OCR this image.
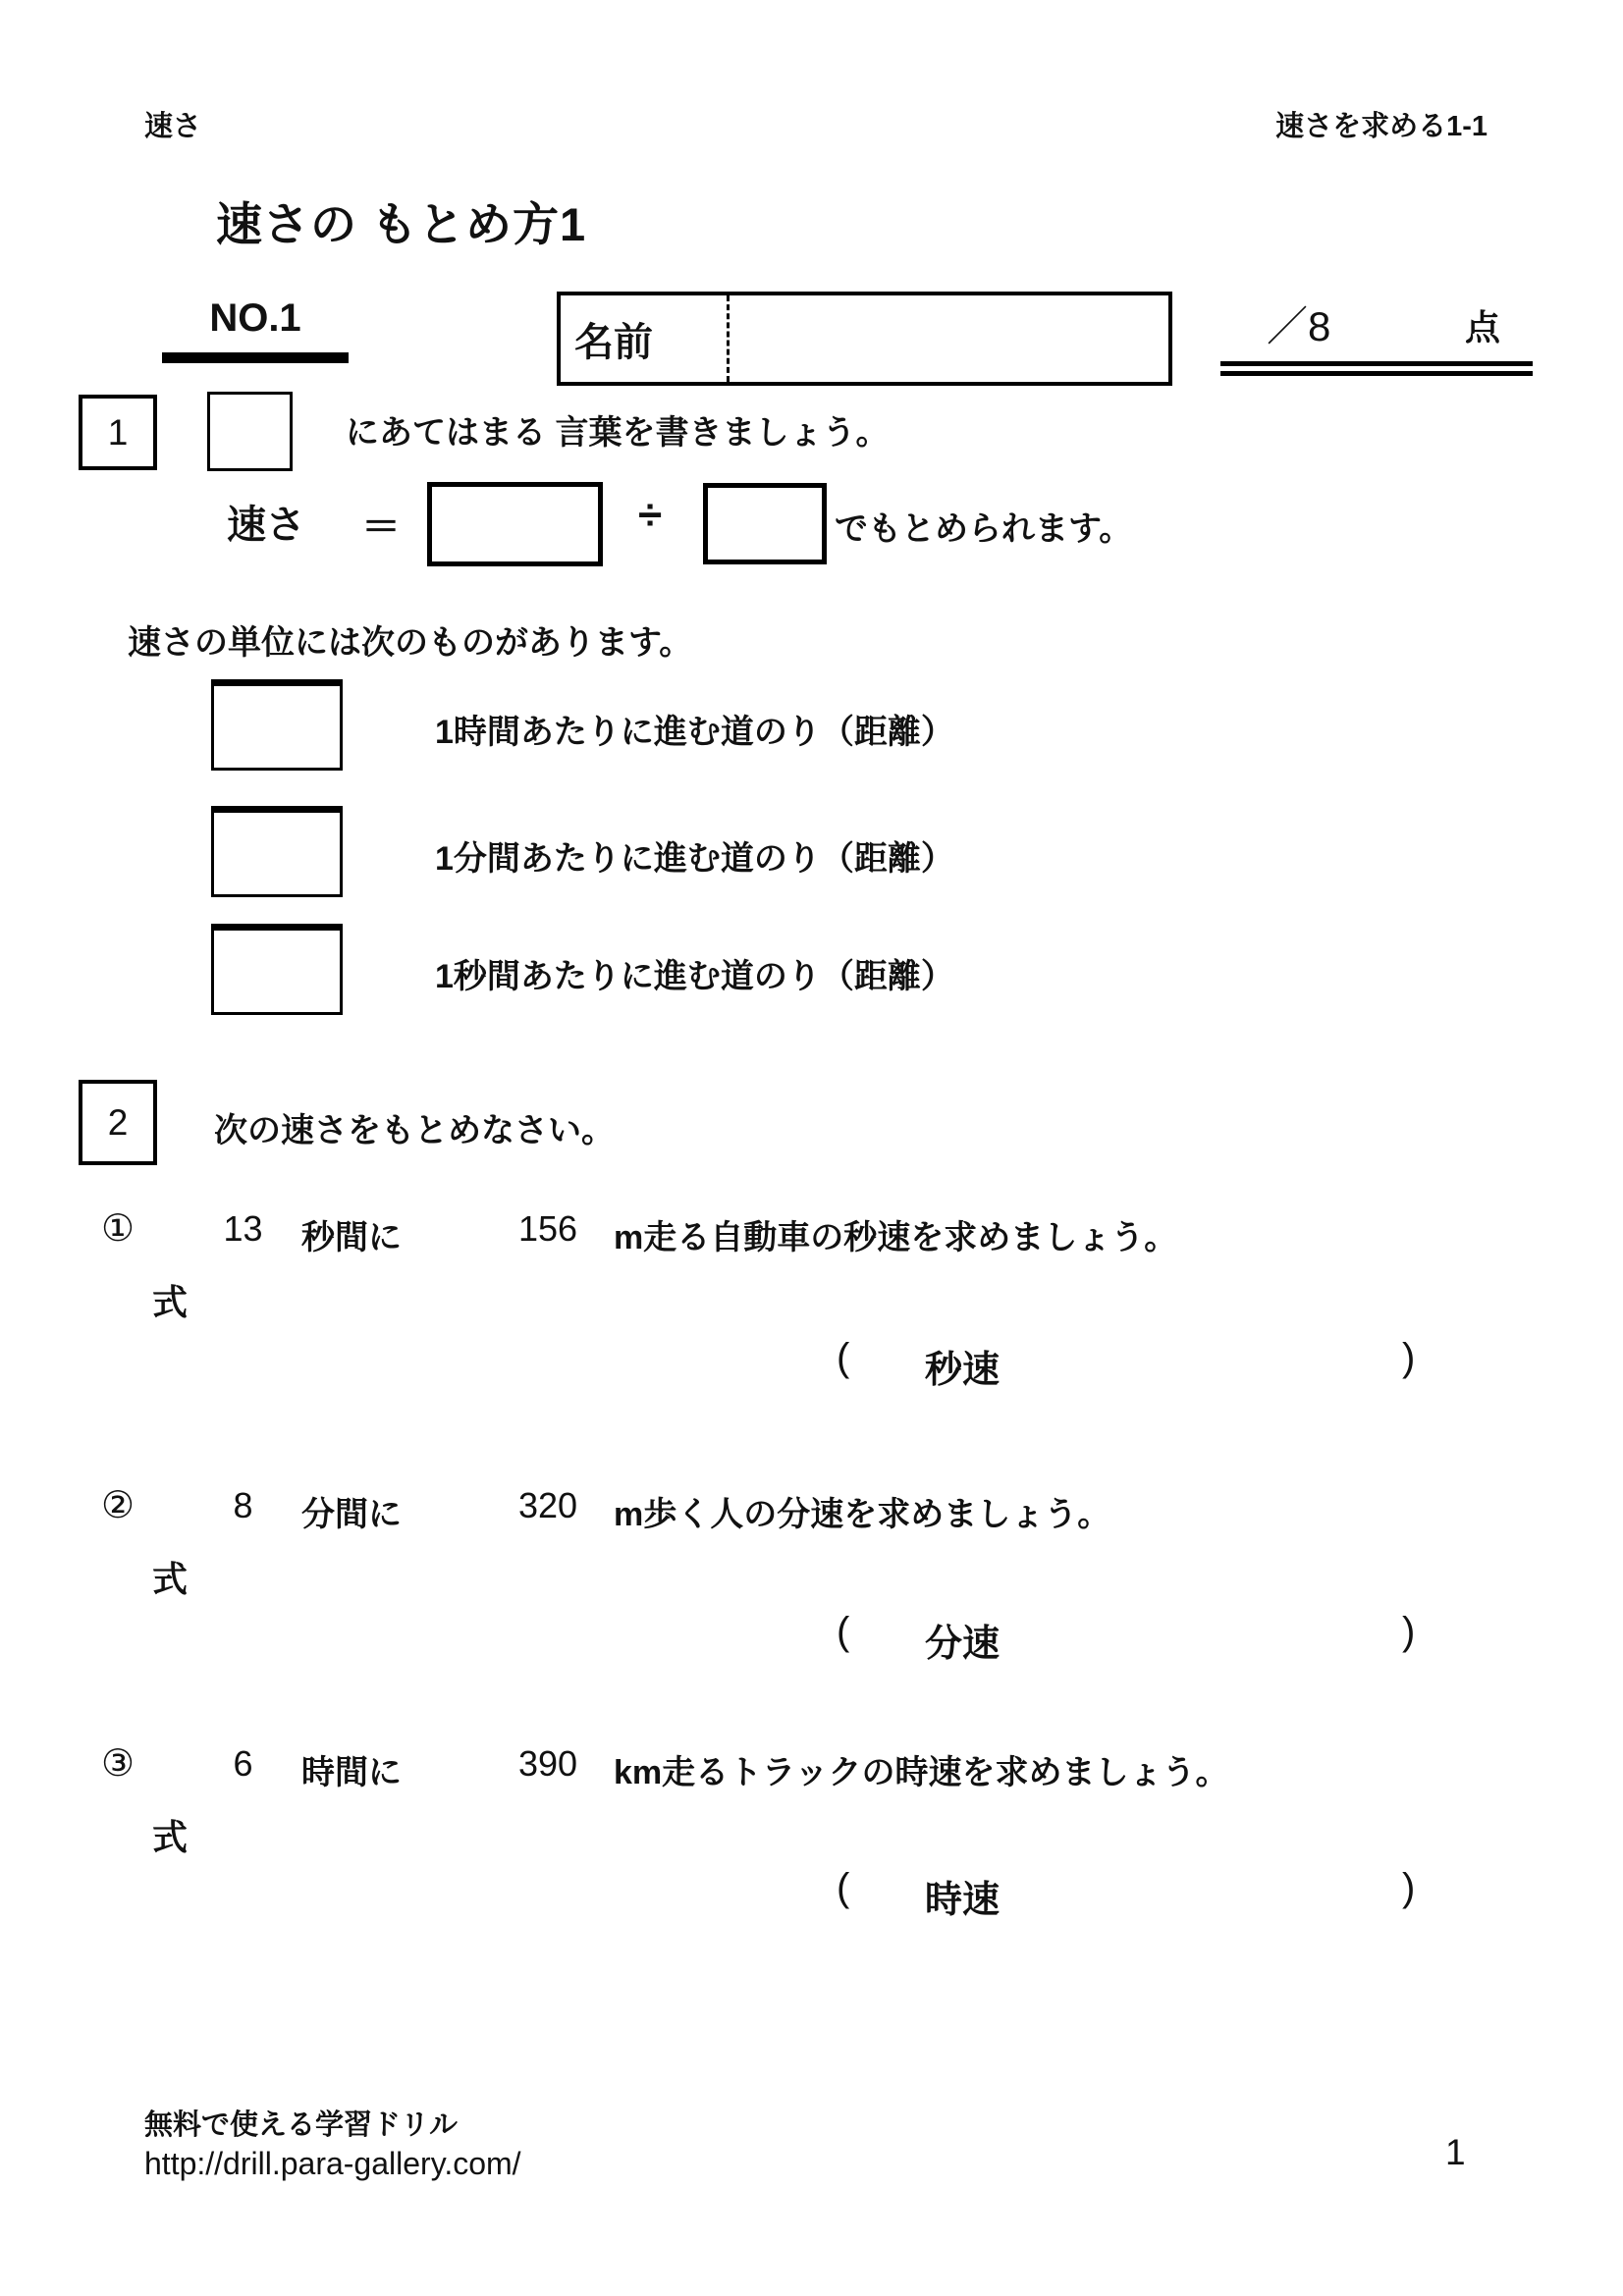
速さ	速さを求める1-1
速さの もとめ方1
NO.1
名前	／8	点
1	にあてはまる 言葉を書きましょう。
速さ ＝	÷	でもとめられます。
速さの単位には次のものがあります。
1時間あたりに進む道のり（距離）
1分間あたりに進む道のり（距離）
1秒間あたりに進む道のり（距離）
2	次の速さをもとめなさい。
①	13	秒間に	156	m走る自動車の秒速を求めましょう。
式
( 秒速	)
②	8	分間に	320	m歩く人の分速を求めましょう。
式
( 分速	)
③	6	時間に	390	km走るトラックの時速を求めましょう。
式
( 時速	)
無料で使える学習ドリル
http://drill.para-gallery.com/	1
